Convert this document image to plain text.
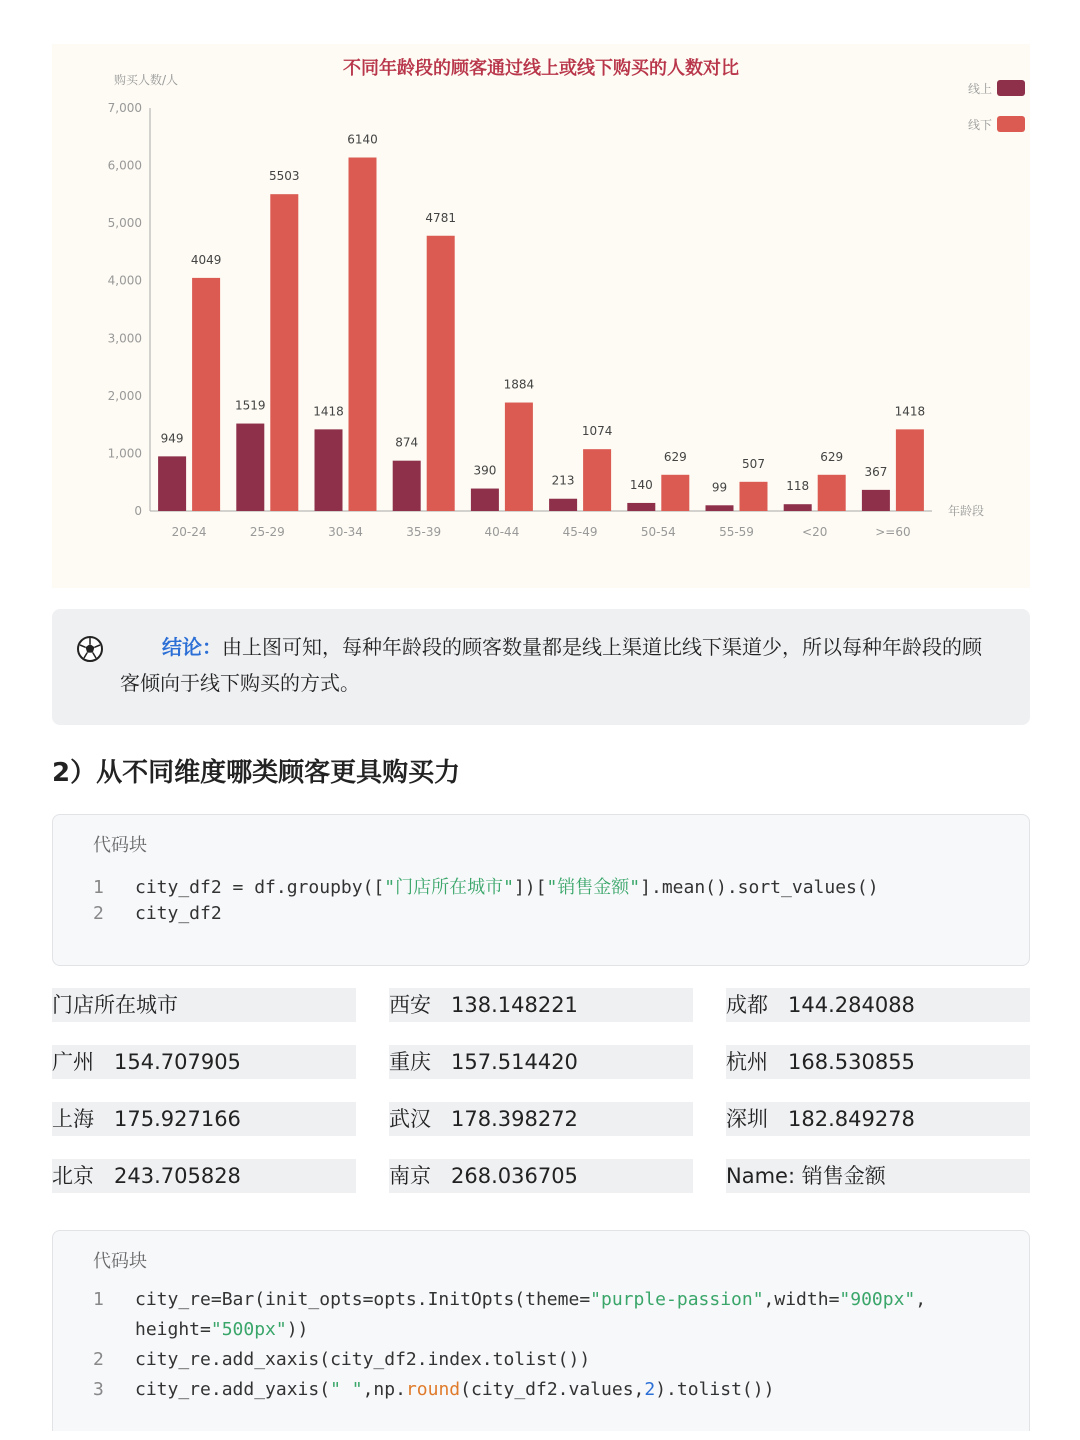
不同年龄段的顾客通过线上或线下购买的人数对比
购买人数/人
年龄段
线上
线下
0
1,000
2,000
3,000
4,000
5,000
6,000
7,000
20-24	25-29	30-34	35-39	40-44	45-49	50-54	55-59	<20	>=60
949
4049
1519
5503
1418
6140
874
4781
390
1884
213
1074
140
629
99
507
118
629
367
1418
结论：由上图可知，每种年龄段的顾客数量都是线上渠道比线下渠道少，所以每种年龄段的顾客倾向于线下购买的方式。
2）从不同维度哪类顾客更具购买力
代码块
1 city_df2 = df.groupby(["门店所在城市"])["销售金额"].mean().sort_values()
2 city_df2
门店所在城市	西安 138.148221	成都 144.284088
广州 154.707905	重庆 157.514420	杭州 168.530855
上海 175.927166	武汉 178.398272	深圳 182.849278
北京 243.705828	南京 268.036705	Name: 销售金额
代码块
1 city_re=Bar(init_opts=opts.InitOpts(theme="purple-passion",width="900px",
height="500px"))
2 city_re.add_xaxis(city_df2.index.tolist())
3 city_re.add_yaxis(" ",np.round(city_df2.values,2).tolist())
